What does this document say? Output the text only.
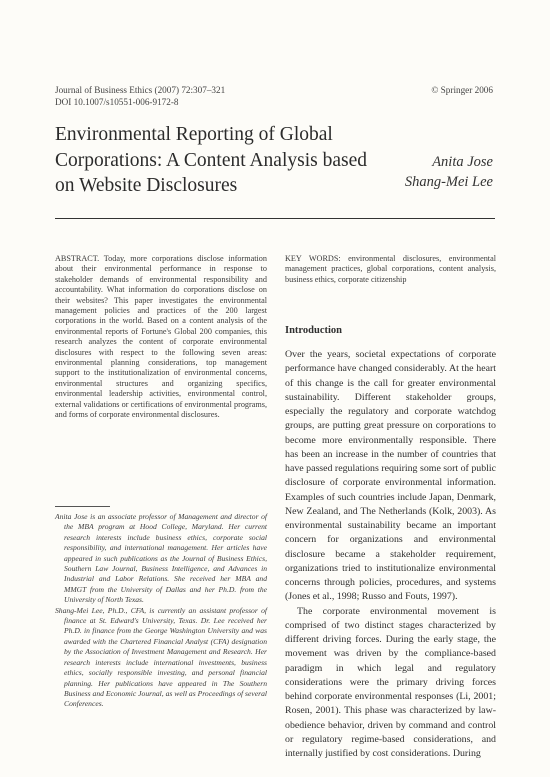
Journal of Business Ethics (2007) 72:307–321
DOI 10.1007/s10551-006-9172-8
© Springer 2006
Environmental Reporting of Global
Corporations: A Content Analysis based
on Website Disclosures
Anita Jose
Shang-Mei Lee
ABSTRACT. Today, more corporations disclose information about their environmental performance in response to stakeholder demands of environmental responsibility and accountability. What information do corporations disclose on their websites? This paper investigates the environmental management policies and practices of the 200 largest corporations in the world. Based on a content analysis of the environmental reports of Fortune's Global 200 companies, this research analyzes the content of corporate environmental disclosures with respect to the following seven areas: environmental planning considerations, top management support to the institutionalization of environmental concerns, environmental structures and organizing specifics, environmental leadership activities, environmental control, external validations or certifications of environmental programs, and forms of corporate environmental disclosures.
KEY WORDS: environmental disclosures, environmental management practices, global corporations, content analysis, business ethics, corporate citizenship
Introduction

Over the years, societal expectations of corporate performance have changed considerably. At the heart of this change is the call for greater environmental sustainability. Different stakeholder groups, especially the regulatory and corporate watchdog groups, are putting great pressure on corporations to become more environmentally responsible. There has been an increase in the number of countries that have passed regulations requiring some sort of public disclosure of corporate environmental information. Examples of such countries include Japan, Denmark, New Zealand, and The Netherlands (Kolk, 2003). As environmental sustainability became an important concern for organizations and environmental disclosure became a stakeholder requirement, organizations tried to institutionalize environmental concerns through policies, procedures, and systems (Jones et al., 1998; Russo and Fouts, 1997).

The corporate environmental movement is comprised of two distinct stages characterized by different driving forces. During the early stage, the movement was driven by the compliance-based paradigm in which legal and regulatory considerations were the primary driving forces behind corporate environmental responses (Li, 2001; Rosen, 2001). This phase was characterized by law-obedience behavior, driven by command and control or regulatory regime-based considerations, and internally justified by cost considerations. During

Anita Jose is an associate professor of Management and director of the MBA program at Hood College, Maryland. Her current research interests include business ethics, corporate social responsibility, and international management. Her articles have appeared in such publications as the Journal of Business Ethics, Southern Law Journal, Business Intelligence, and Advances in Industrial and Labor Relations. She received her MBA and MMGT from the University of Dallas and her Ph.D. from the University of North Texas.

Shang-Mei Lee, Ph.D., CFA, is currently an assistant professor of finance at St. Edward's University, Texas. Dr. Lee received her Ph.D. in finance from the George Washington University and was awarded with the Chartered Financial Analyst (CFA) designation by the Association of Investment Management and Research. Her research interests include international investments, business ethics, socially responsible investing, and personal financial planning. Her publications have appeared in The Southern Business and Economic Journal, as well as Proceedings of several Conferences.
